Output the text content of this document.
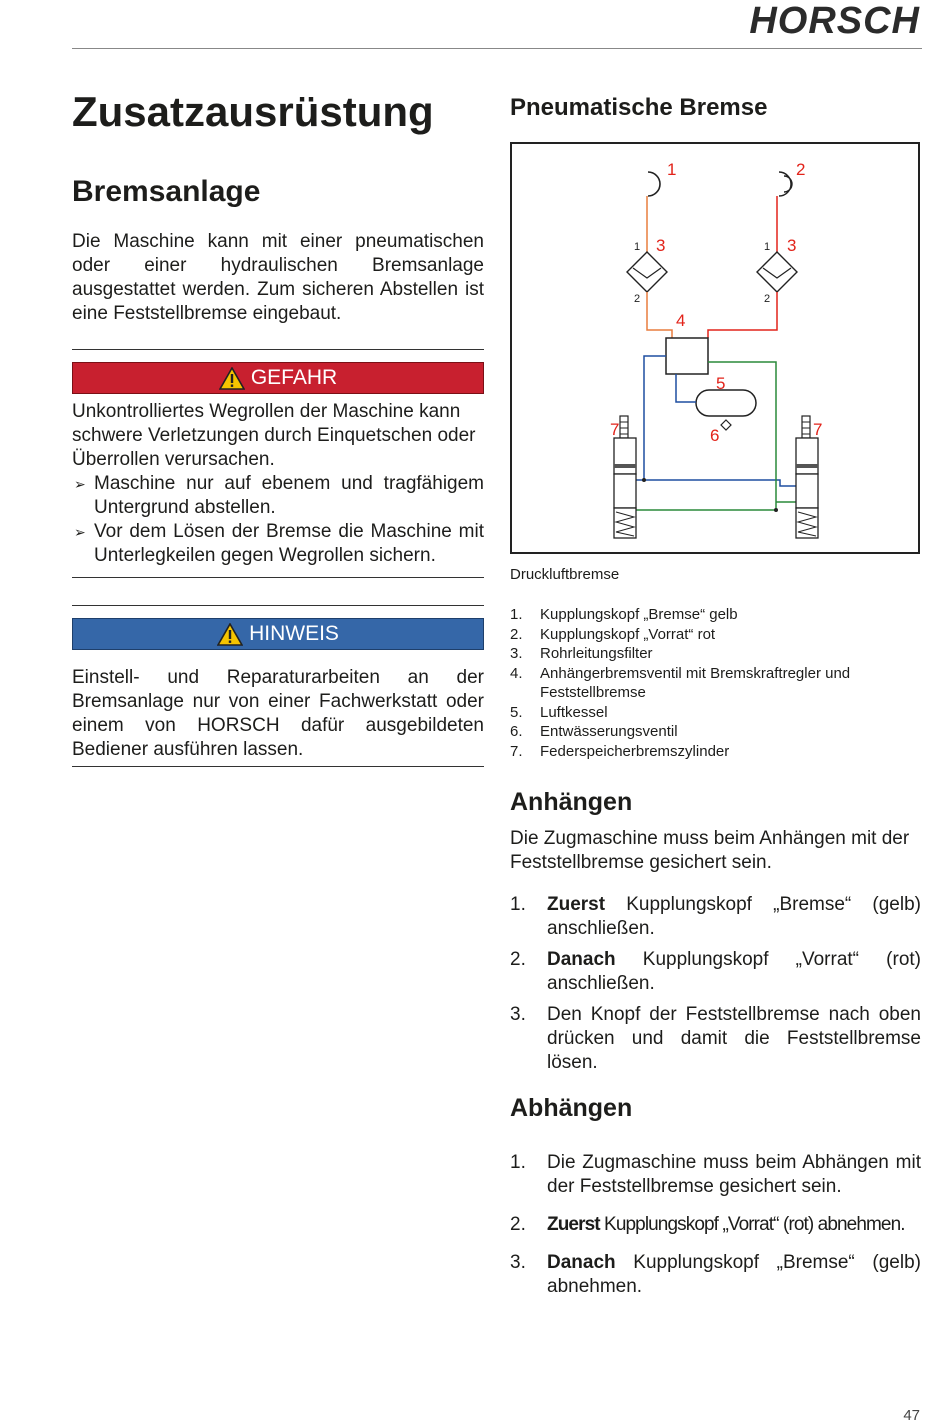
HORSCH
Zusatzausrüstung
Bremsanlage
Die Maschine kann mit einer pneumatischen oder einer hydraulischen Bremsanlage ausgestattet werden. Zum sicheren Abstellen ist eine Feststellbremse eingebaut.
GEFAHR
Unkontrolliertes Wegrollen der Maschine kann schwere Verletzungen durch Einquetschen oder Überrollen verursachen.
➢ Maschine nur auf ebenem und tragfähigem Untergrund abstellen.
➢ Vor dem Lösen der Bremse die Maschine mit Unterlegkeilen gegen Wegrollen sichern.
HINWEIS
Einstell- und Reparaturarbeiten an der Bremsanlage nur von einer Fachwerkstatt oder einem von HORSCH dafür ausgebildeten Bediener ausführen lassen.
Pneumatische Bremse
1	2
3	3
4
5
6
7	7
1
2
1
2
Druckluftbremse
1.	Kupplungskopf „Bremse“ gelb
2.	Kupplungskopf „Vorrat“ rot
3.	Rohrleitungsfilter
4.	Anhängerbremsventil mit Bremskraftregler und Feststellbremse
5.	Luftkessel
6.	Entwässerungsventil
7.	Federspeicherbremszylinder
Anhängen
Die Zugmaschine muss beim Anhängen mit der Feststellbremse gesichert sein.
1.	Zuerst Kupplungskopf „Bremse“ (gelb) anschließen.
2.	Danach Kupplungskopf „Vorrat“ (rot) anschließen.
3.	Den Knopf der Feststellbremse nach oben drücken und damit die Feststellbremse lösen.
Abhängen
1.	Die Zugmaschine muss beim Abhängen mit der Feststellbremse gesichert sein.
2.	Zuerst Kupplungskopf „Vorrat“ (rot) abnehmen.
3.	Danach Kupplungskopf „Bremse“ (gelb) abnehmen.
47
